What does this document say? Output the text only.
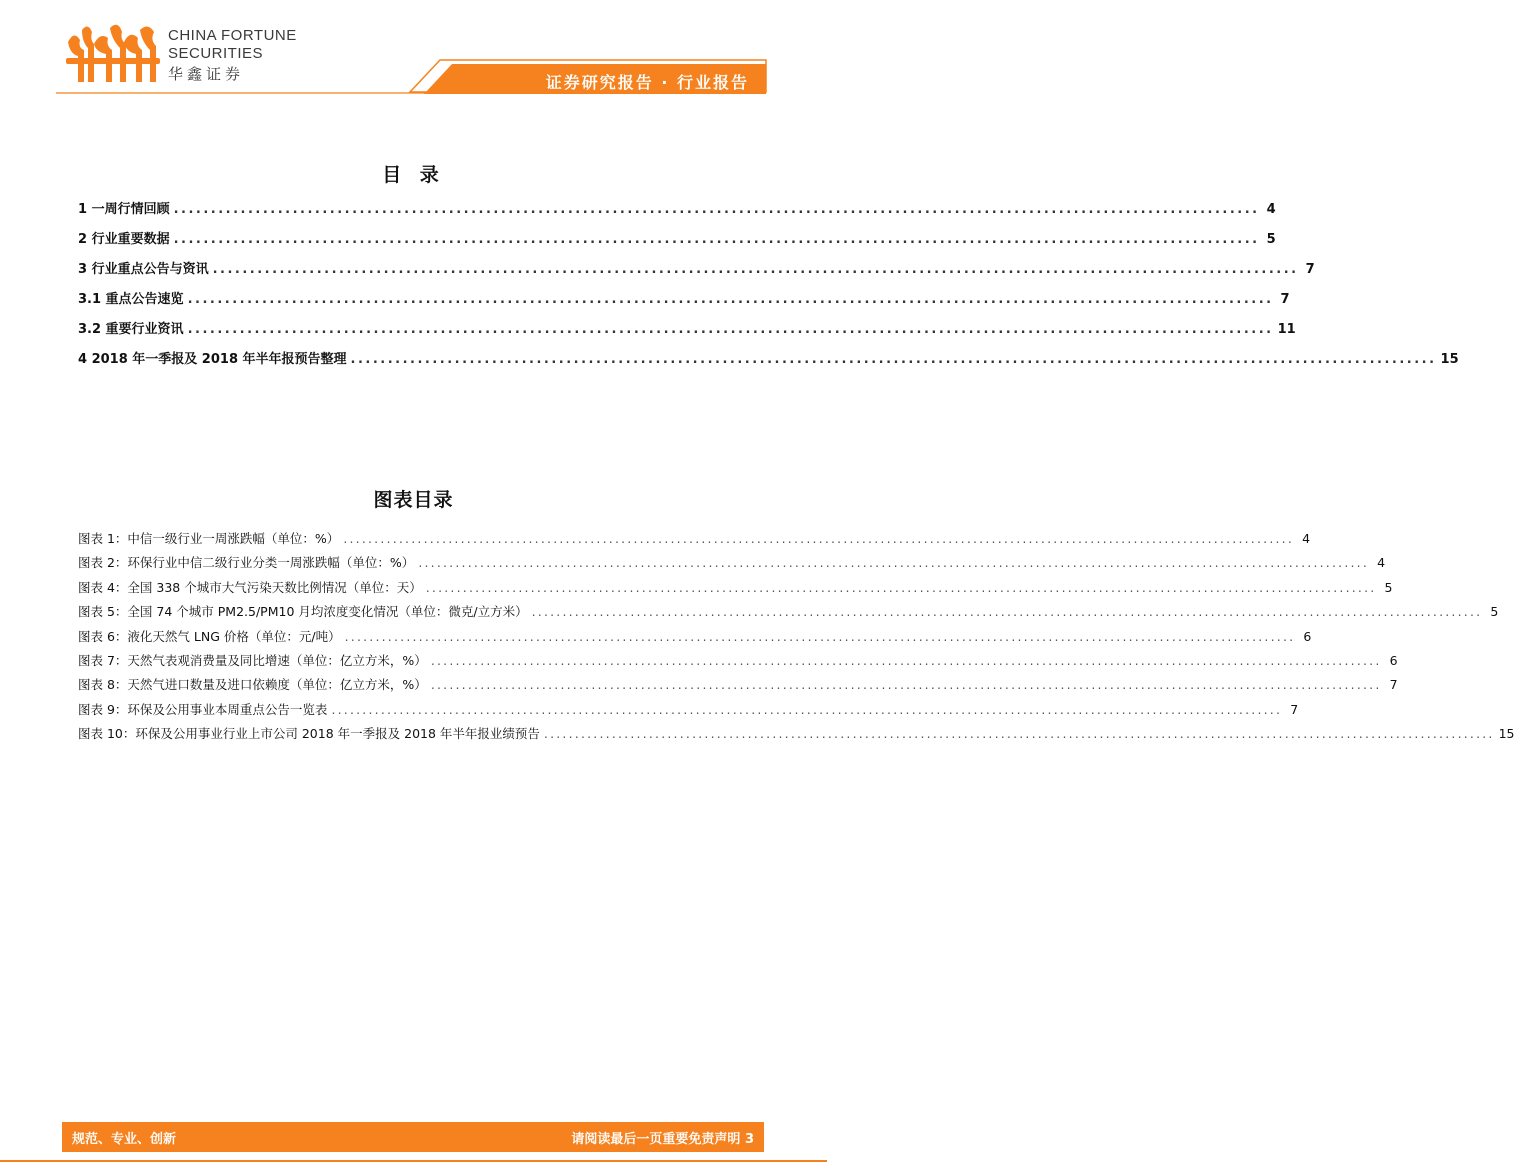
CHINA FORTUNE
SECURITIES
华鑫证券	证券研究报告 · 行业报告
目 录
1 一周行情回顾 .................................................................................................................................................. 4
2 行业重要数据 .................................................................................................................................................. 5
3 行业重点公告与资讯 .................................................................................................................................................. 7
3.1 重点公告速览 .................................................................................................................................................. 7
3.2 重要行业资讯 .................................................................................................................................................. 11
4 2018 年一季报及 2018 年半年报预告整理 .................................................................................................................................................. 15
图表目录
图表 1：中信一级行业一周涨跌幅（单位：%） .......................................................................................................................................................... 4
图表 2：环保行业中信二级行业分类一周涨跌幅（单位：%） .......................................................................................................................................................... 4
图表 4：全国 338 个城市大气污染天数比例情况（单位：天） .......................................................................................................................................................... 5
图表 5：全国 74 个城市 PM2.5/PM10 月均浓度变化情况（单位：微克/立方米） .......................................................................................................................................................... 5
图表 6：液化天然气 LNG 价格（单位：元/吨） .......................................................................................................................................................... 6
图表 7：天然气表观消费量及同比增速（单位：亿立方米，%） .......................................................................................................................................................... 6
图表 8：天然气进口数量及进口依赖度（单位：亿立方米，%） .......................................................................................................................................................... 7
图表 9：环保及公用事业本周重点公告一览表 .......................................................................................................................................................... 7
图表 10：环保及公用事业行业上市公司 2018 年一季报及 2018 年半年报业绩预告 .......................................................................................................................................................... 15
规范、专业、创新	请阅读最后一页重要免责声明 3
